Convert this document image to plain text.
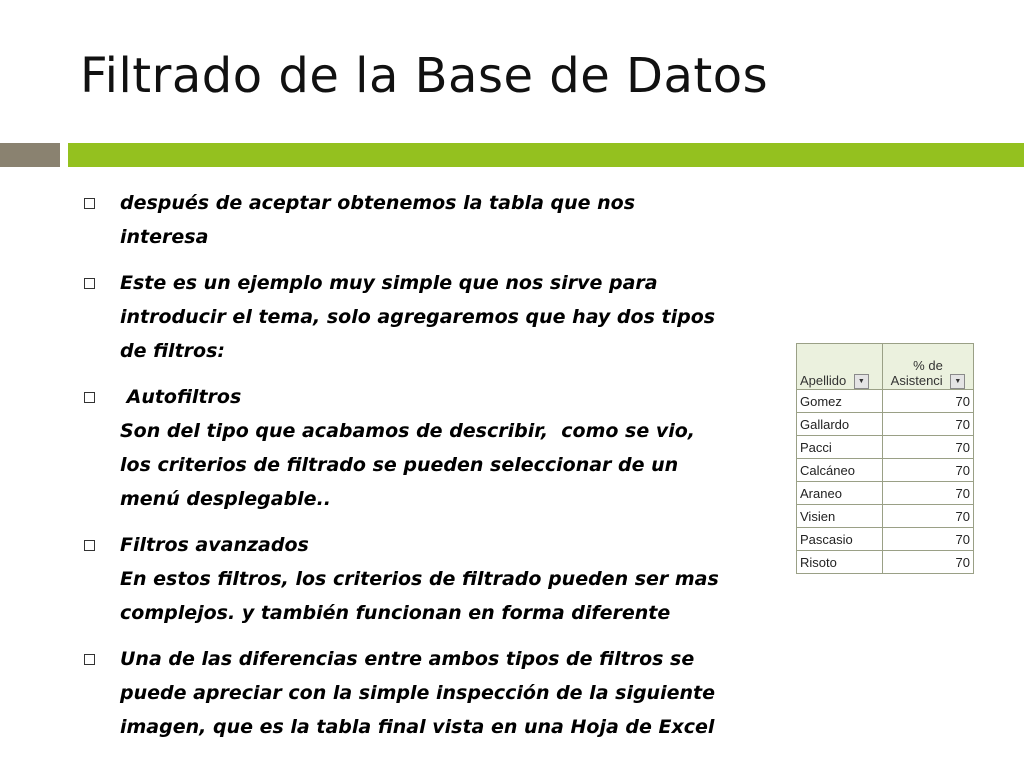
Filtrado de la Base de Datos
después de aceptar obtenemos la tabla que nos
interesa
Este es un ejemplo muy simple que nos sirve para
introducir el tema, solo agregaremos que hay dos tipos
de filtros:
Autofiltros
Son del tipo que acabamos de describir,  como se vio,
los criterios de filtrado se pueden seleccionar de un
menú desplegable..
Filtros avanzados
En estos filtros, los criterios de filtrado pueden ser mas
complejos. y también funcionan en forma diferente
Una de las diferencias entre ambos tipos de filtros se
puede apreciar con la simple inspección de la siguiente
imagen, que es la tabla final vista en una Hoja de Excel
Apellido ▼	% de
Asistenci ▼
Gomez	70
Gallardo	70
Pacci	70
Calcáneo	70
Araneo	70
Visien	70
Pascasio	70
Risoto	70
